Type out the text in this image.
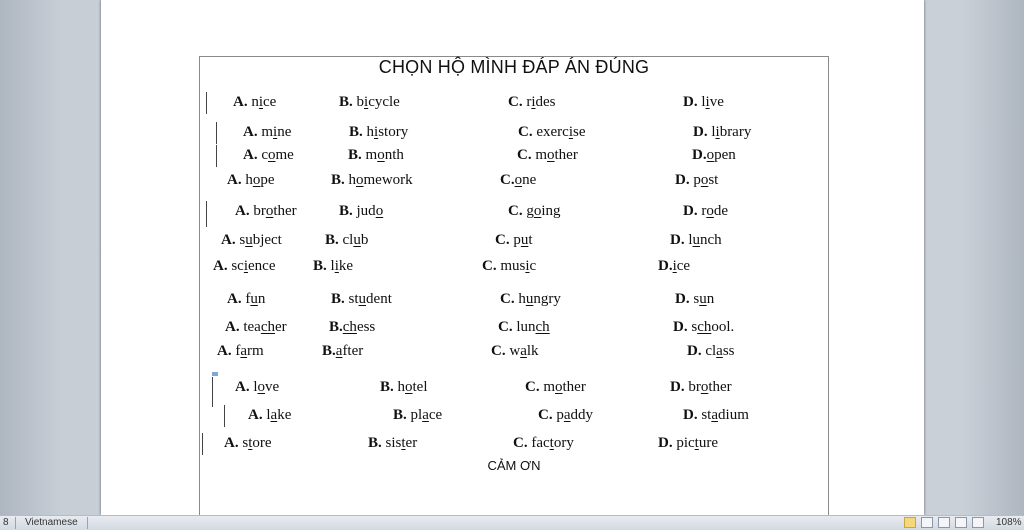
CHỌN HỘ MÌNH ĐÁP ÁN ĐÚNG
A. nice	B. bicycle	C. rides	D. live
A. mine	B. history	C. exercise	D. library
A. come	B. month	C. mother	D.open
A. hope	B. homework	C.one	D. post
A. brother	B. judo	C. going	D. rode
A. subject	B. club	C. put	D. lunch
A. science	B. like	C. music	D.ice
A. fun	B. student	C. hungry	D. sun
A. teacher	B.chess	C. lunch	D. school.
A. farm	B.after	C. walk	D. class
A. love	B. hotel	C. mother	D. brother
A. lake	B. place	C. paddy	D. stadium
A. store	B. sister	C. factory	D. picture
CẢM ƠN
8 Vietnamese	108%
